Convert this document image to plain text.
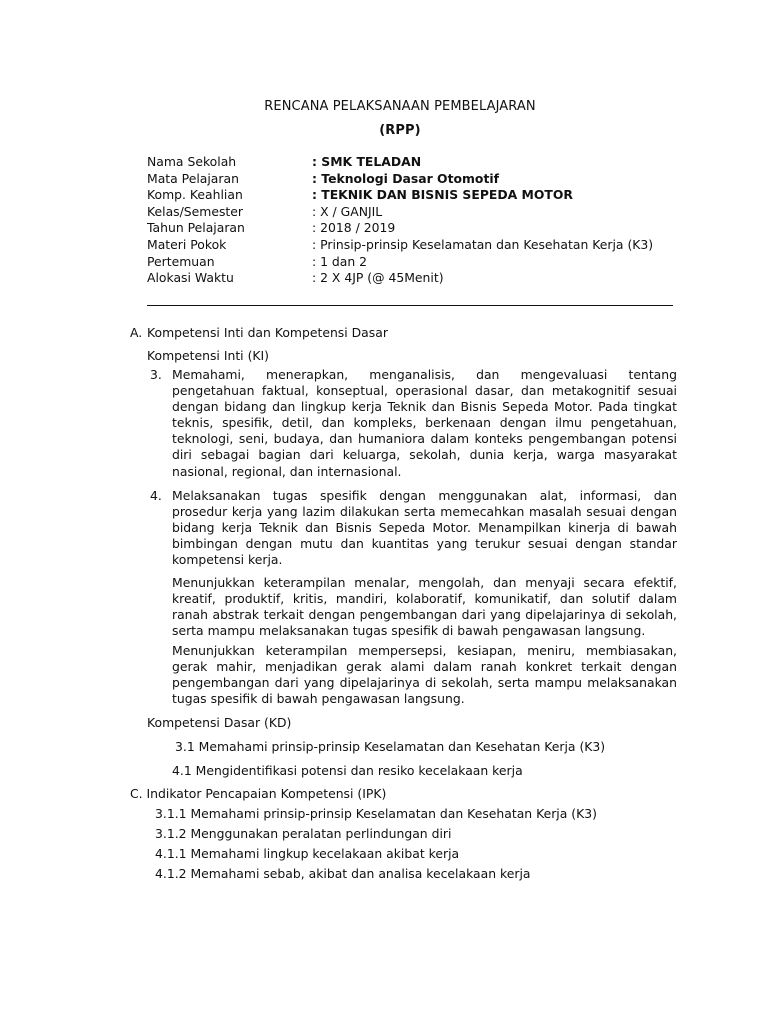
RENCANA PELAKSANAAN PEMBELAJARAN
(RPP)
Nama Sekolah	: SMK TELADAN
Mata Pelajaran	: Teknologi Dasar Otomotif
Komp. Keahlian	: TEKNIK DAN BISNIS SEPEDA MOTOR
Kelas/Semester	: X / GANJIL
Tahun Pelajaran	: 2018 / 2019
Materi Pokok	: Prinsip-prinsip Keselamatan dan Kesehatan Kerja (K3)
Pertemuan	: 1 dan 2
Alokasi Waktu	: 2 X 4JP (@ 45Menit)
A. Kompetensi Inti dan Kompetensi Dasar
Kompetensi Inti (KI)
3. Memahami, menerapkan, menganalisis, dan mengevaluasi tentang
pengetahuan faktual, konseptual, operasional dasar, dan metakognitif sesuai
dengan bidang dan lingkup kerja Teknik dan Bisnis Sepeda Motor. Pada tingkat
teknis, spesifik, detil, dan kompleks, berkenaan dengan ilmu pengetahuan,
teknologi, seni, budaya, dan humaniora dalam konteks pengembangan potensi
diri sebagai bagian dari keluarga, sekolah, dunia kerja, warga masyarakat
nasional, regional, dan internasional.
4. Melaksanakan tugas spesifik dengan menggunakan alat, informasi, dan
prosedur kerja yang lazim dilakukan serta memecahkan masalah sesuai dengan
bidang kerja Teknik dan Bisnis Sepeda Motor. Menampilkan kinerja di bawah
bimbingan dengan mutu dan kuantitas yang terukur sesuai dengan standar
kompetensi kerja.
Menunjukkan keterampilan menalar, mengolah, dan menyaji secara efektif,
kreatif, produktif, kritis, mandiri, kolaboratif, komunikatif, dan solutif dalam
ranah abstrak terkait dengan pengembangan dari yang dipelajarinya di sekolah,
serta mampu melaksanakan tugas spesifik di bawah pengawasan langsung.
Menunjukkan keterampilan mempersepsi, kesiapan, meniru, membiasakan,
gerak mahir, menjadikan gerak alami dalam ranah konkret terkait dengan
pengembangan dari yang dipelajarinya di sekolah, serta mampu melaksanakan
tugas spesifik di bawah pengawasan langsung.
Kompetensi Dasar (KD)
3.1 Memahami prinsip-prinsip Keselamatan dan Kesehatan Kerja (K3)
4.1 Mengidentifikasi potensi dan resiko kecelakaan kerja
C. Indikator Pencapaian Kompetensi (IPK)
3.1.1 Memahami prinsip-prinsip Keselamatan dan Kesehatan Kerja (K3)
3.1.2 Menggunakan peralatan perlindungan diri
4.1.1 Memahami lingkup kecelakaan akibat kerja
4.1.2 Memahami sebab, akibat dan analisa kecelakaan kerja
